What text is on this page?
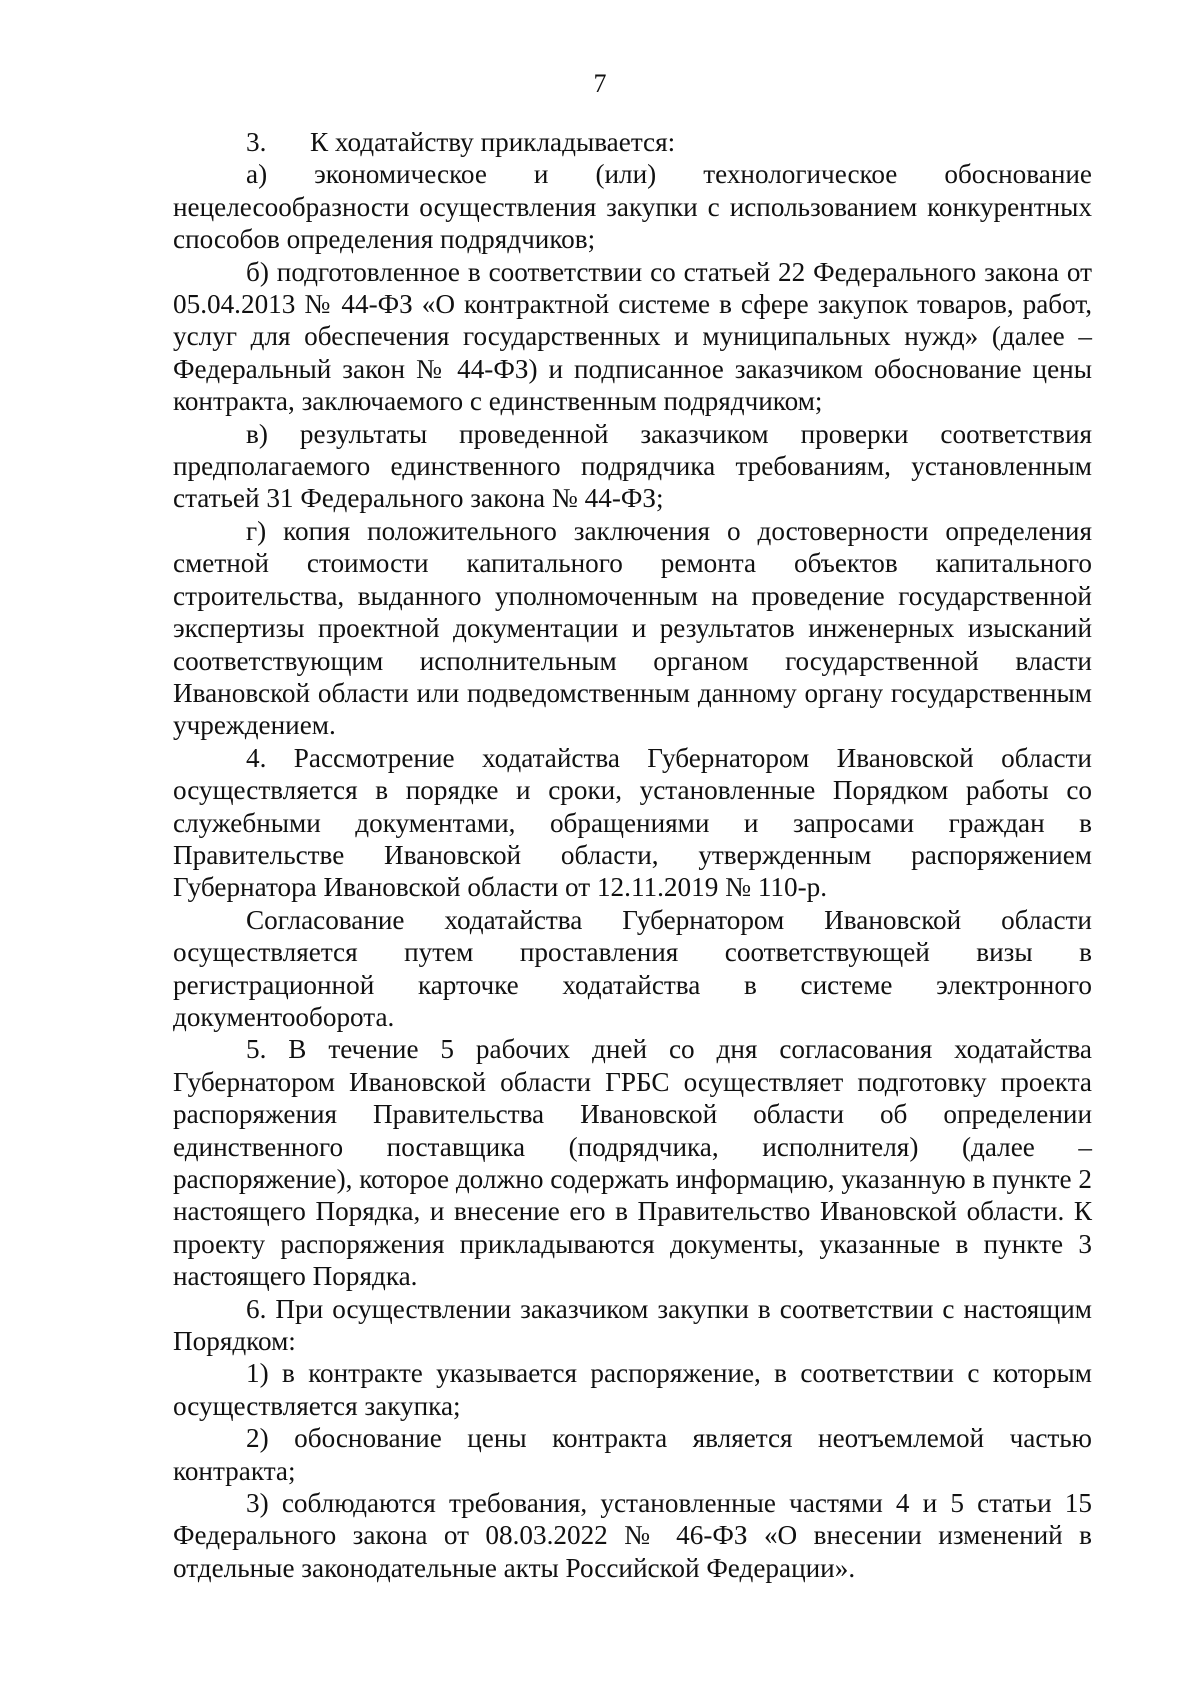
7

3. К ходатайству прикладывается:

а) экономическое и (или) технологическое обоснование нецелесообразности осуществления закупки с использованием конкурентных способов определения подрядчиков;

б) подготовленное в соответствии со статьей 22 Федерального закона от 05.04.2013 № 44-ФЗ «О контрактной системе в сфере закупок товаров, работ, услуг для обеспечения государственных и муниципальных нужд» (далее – Федеральный закон № 44-ФЗ) и подписанное заказчиком обоснование цены контракта, заключаемого с единственным подрядчиком;

в) результаты проведенной заказчиком проверки соответствия предполагаемого единственного подрядчика требованиям, установленным статьей 31 Федерального закона № 44-ФЗ;

г) копия положительного заключения о достоверности определения сметной стоимости капитального ремонта объектов капитального строительства, выданного уполномоченным на проведение государственной экспертизы проектной документации и результатов инженерных изысканий соответствующим исполнительным органом государственной власти Ивановской области или подведомственным данному органу государственным учреждением.

4. Рассмотрение ходатайства Губернатором Ивановской области осуществляется в порядке и сроки, установленные Порядком работы со служебными документами, обращениями и запросами граждан в Правительстве Ивановской области, утвержденным распоряжением Губернатора Ивановской области от 12.11.2019 № 110-р.

Согласование ходатайства Губернатором Ивановской области осуществляется путем проставления соответствующей визы в регистрационной карточке ходатайства в системе электронного документооборота.

5. В течение 5 рабочих дней со дня согласования ходатайства Губернатором Ивановской области ГРБС осуществляет подготовку проекта распоряжения Правительства Ивановской области об определении единственного поставщика (подрядчика, исполнителя) (далее – распоряжение), которое должно содержать информацию, указанную в пункте 2 настоящего Порядка, и внесение его в Правительство Ивановской области. К проекту распоряжения прикладываются документы, указанные в пункте 3 настоящего Порядка.

6. При осуществлении заказчиком закупки в соответствии с настоящим Порядком:

1) в контракте указывается распоряжение, в соответствии с которым осуществляется закупка;

2) обоснование цены контракта является неотъемлемой частью контракта;

3) соблюдаются требования, установленные частями 4 и 5 статьи 15 Федерального закона от 08.03.2022 № 46-ФЗ «О внесении изменений в отдельные законодательные акты Российской Федерации».
